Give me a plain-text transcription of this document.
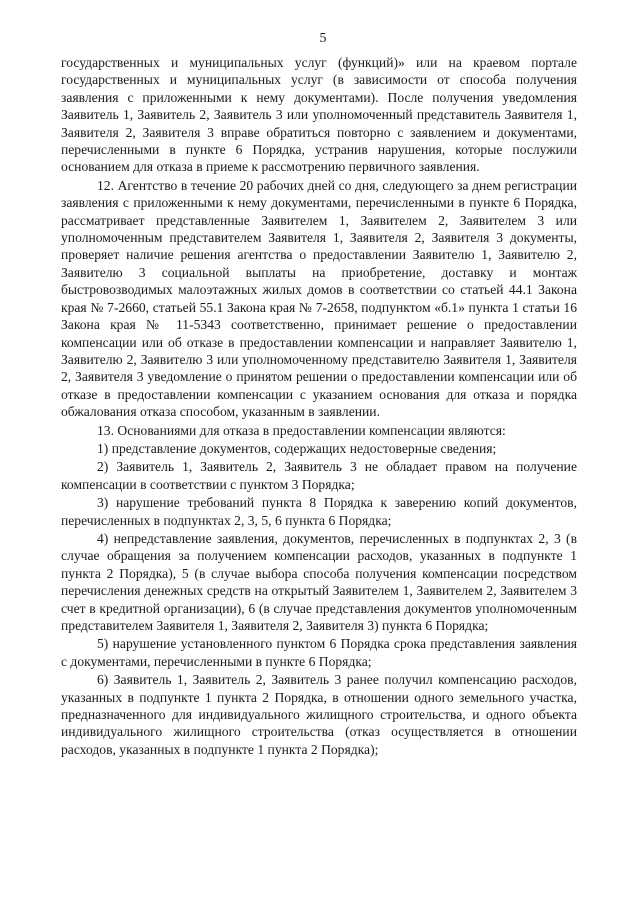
5

государственных и муниципальных услуг (функций)» или на краевом портале государственных и муниципальных услуг (в зависимости от способа получения заявления с приложенными к нему документами). После получения уведомления Заявитель 1, Заявитель 2, Заявитель 3 или уполномоченный представитель Заявителя 1, Заявителя 2, Заявителя 3 вправе обратиться повторно с заявлением и документами, перечисленными в пункте 6 Порядка, устранив нарушения, которые послужили основанием для отказа в приеме к рассмотрению первичного заявления.

12. Агентство в течение 20 рабочих дней со дня, следующего за днем регистрации заявления с приложенными к нему документами, перечисленными в пункте 6 Порядка, рассматривает представленные Заявителем 1, Заявителем 2, Заявителем 3 или уполномоченным представителем Заявителя 1, Заявителя 2, Заявителя 3 документы, проверяет наличие решения агентства о предоставлении Заявителю 1, Заявителю 2, Заявителю 3 социальной выплаты на приобретение, доставку и монтаж быстровозводимых малоэтажных жилых домов в соответствии со статьей 44.1 Закона края № 7-2660, статьей 55.1 Закона края № 7-2658, подпунктом «б.1» пункта 1 статьи 16 Закона края № 11-5343 соответственно, принимает решение о предоставлении компенсации или об отказе в предоставлении компенсации и направляет Заявителю 1, Заявителю 2, Заявителю 3 или уполномоченному представителю Заявителя 1, Заявителя 2, Заявителя 3 уведомление о принятом решении о предоставлении компенсации или об отказе в предоставлении компенсации с указанием основания для отказа и порядка обжалования отказа способом, указанным в заявлении.

13. Основаниями для отказа в предоставлении компенсации являются:

1) представление документов, содержащих недостоверные сведения;

2) Заявитель 1, Заявитель 2, Заявитель 3 не обладает правом на получение компенсации в соответствии с пунктом 3 Порядка;

3) нарушение требований пункта 8 Порядка к заверению копий документов, перечисленных в подпунктах 2, 3, 5, 6 пункта 6 Порядка;

4) непредставление заявления, документов, перечисленных в подпунктах 2, 3 (в случае обращения за получением компенсации расходов, указанных в подпункте 1 пункта 2 Порядка), 5 (в случае выбора способа получения компенсации посредством перечисления денежных средств на открытый Заявителем 1, Заявителем 2, Заявителем 3 счет в кредитной организации), 6 (в случае представления документов уполномоченным представителем Заявителя 1, Заявителя 2, Заявителя 3) пункта 6 Порядка;

5) нарушение установленного пунктом 6 Порядка срока представления заявления с документами, перечисленными в пункте 6 Порядка;

6) Заявитель 1, Заявитель 2, Заявитель 3 ранее получил компенсацию расходов, указанных в подпункте 1 пункта 2 Порядка, в отношении одного земельного участка, предназначенного для индивидуального жилищного строительства, и одного объекта индивидуального жилищного строительства (отказ осуществляется в отношении расходов, указанных в подпункте 1 пункта 2 Порядка);
